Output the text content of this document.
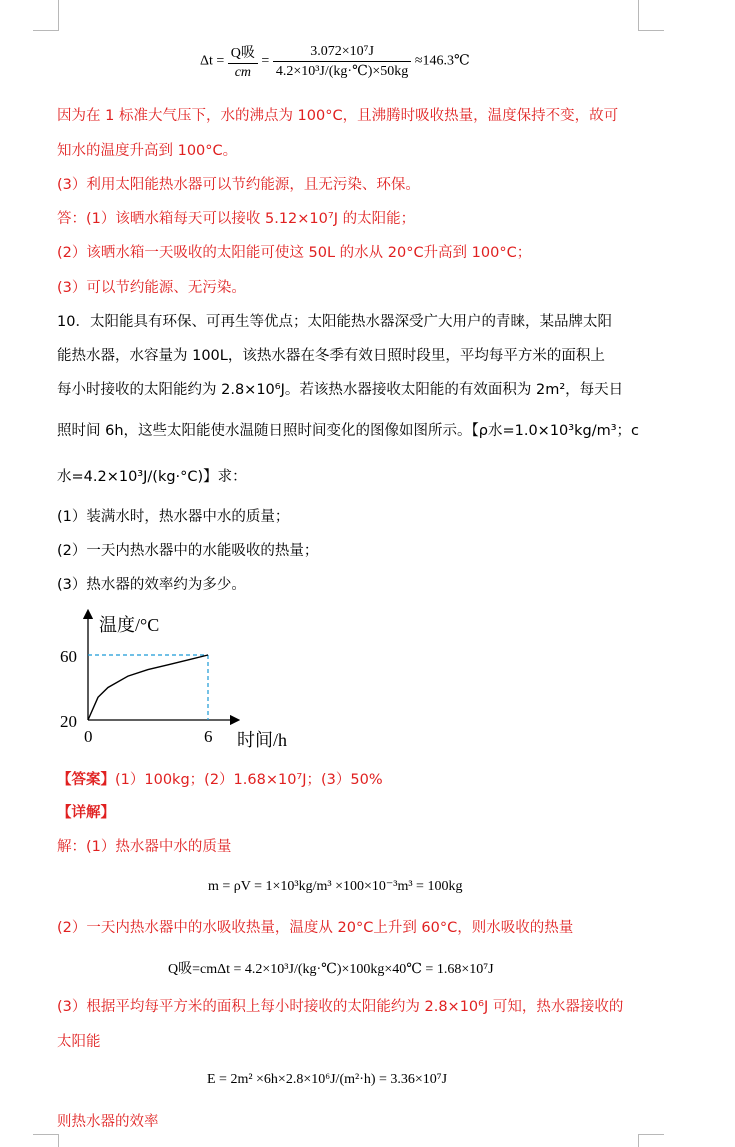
$\Delta t = \frac{\text{Q吸}}{cm} = \frac{\text{3.072×10⁷J}}{\text{4.2×10³J/(kg·℃)×50kg}}$ ≈146.3℃
因为在 1 标准大气压下，水的沸点为 100°C，且沸腾时吸收热量，温度保持不变，故可
知水的温度升高到 100°C。
(3）利用太阳能热水器可以节约能源，且无污染、环保。
答：(1）该晒水箱每天可以接收 5.12×10⁷J 的太阳能；
(2）该晒水箱一天吸收的太阳能可使这 50L 的水从 20°C升高到 100°C；
(3）可以节约能源、无污染。
10．太阳能具有环保、可再生等优点；太阳能热水器深受广大用户的青睐，某品牌太阳
能热水器，水容量为 100L，该热水器在冬季有效日照时段里，平均每平方米的面积上
每小时接收的太阳能约为 2.8×10⁶J。若该热水器接收太阳能的有效面积为 2m²，每天日
照时间 6h，这些太阳能使水温随日照时间变化的图像如图所示。【ρ水=1.0×10³kg/m³；c
水=4.2×10³J/(kg·°C)】求：
(1）装满水时，热水器中水的质量；
(2）一天内热水器中的水能吸收的热量；
(3）热水器的效率约为多少。
温度/°C
时间/h
60
20
0	6
【答案】(1）100kg；(2）1.68×10⁷J；(3）50%
【详解】
解：(1）热水器中水的质量
m = ρV = 1×10³kg/m³ ×100×10⁻³m³ = 100kg
(2）一天内热水器中的水吸收热量，温度从 20°C上升到 60°C，则水吸收的热量
Q吸=cmΔt = 4.2×10³J/(kg·℃)×100kg×40℃ = 1.68×10⁷J
(3）根据平均每平方米的面积上每小时接收的太阳能约为 2.8×10⁶J 可知，热水器接收的
太阳能
E = 2m² ×6h×2.8×10⁶J/(m²·h) = 3.36×10⁷J
则热水器的效率
